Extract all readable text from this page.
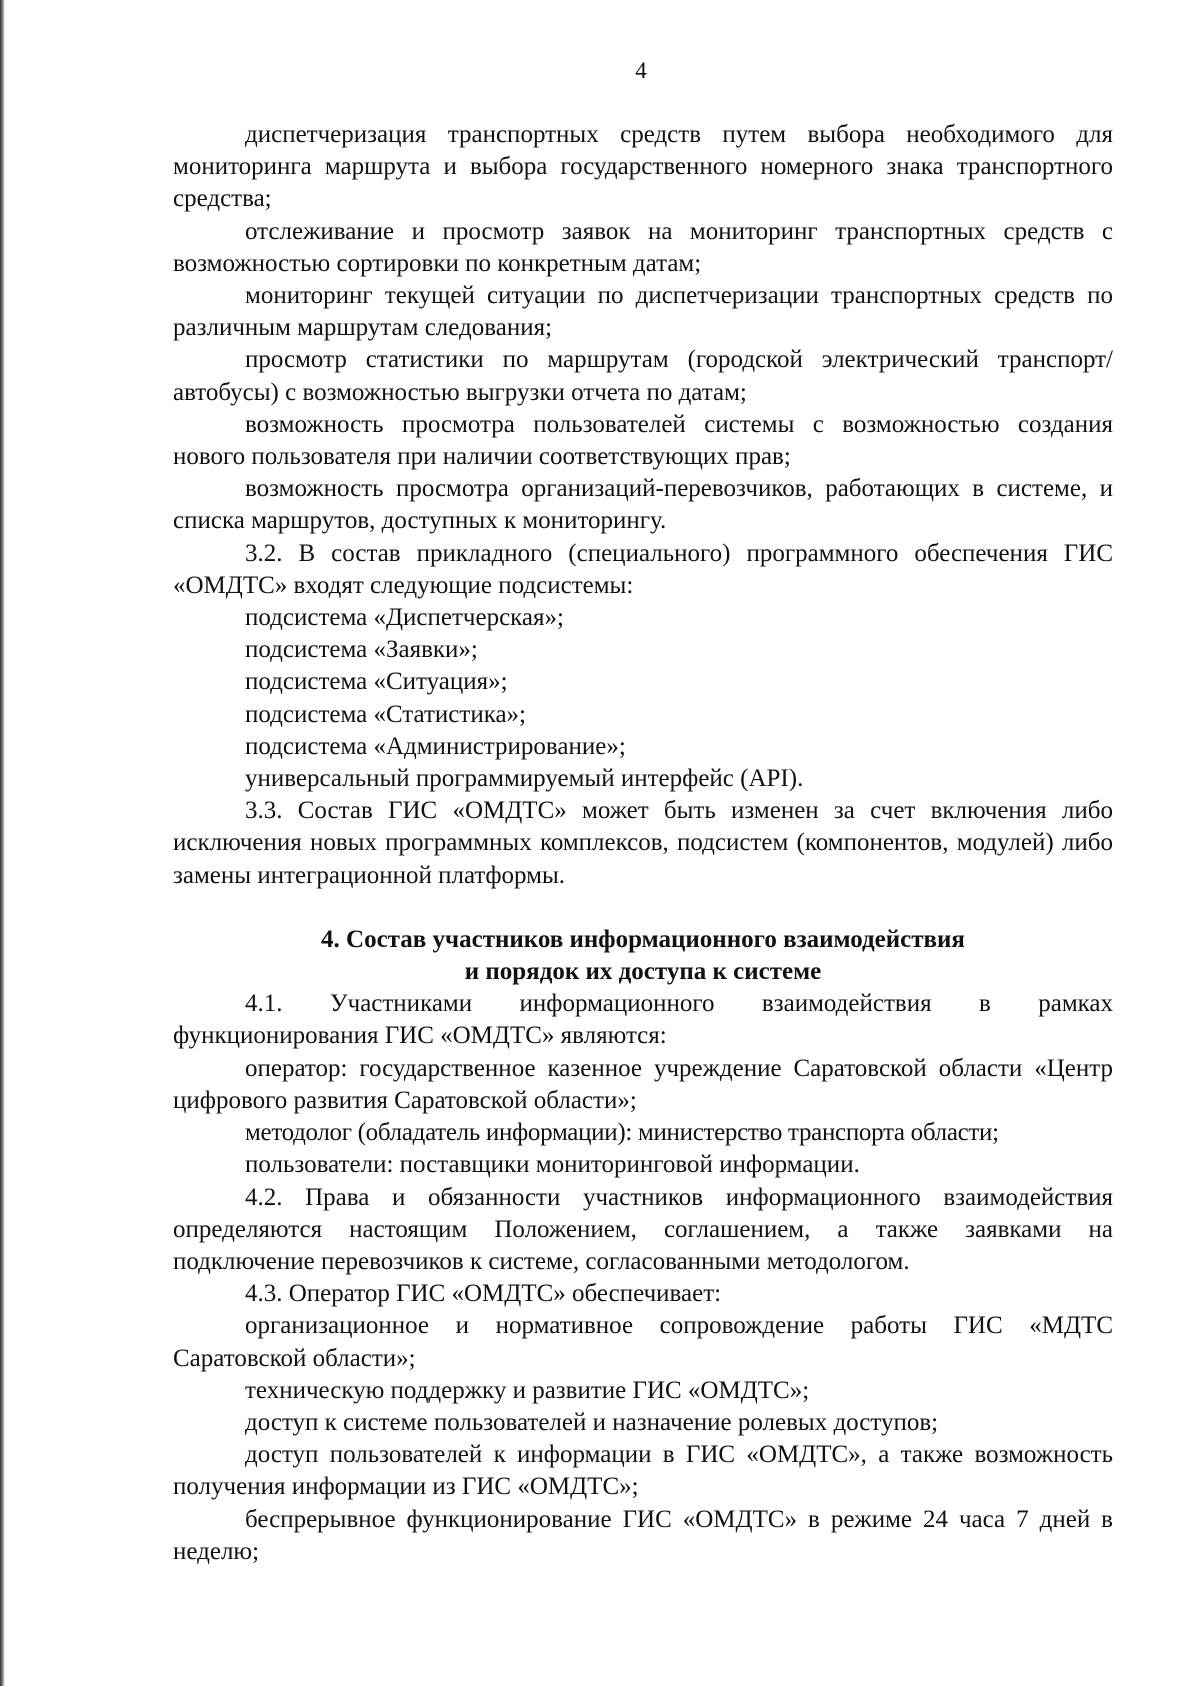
4

диспетчеризация транспортных средств путем выбора необходимого для мониторинга маршрута и выбора государственного номерного знака транспортного средства;

отслеживание и просмотр заявок на мониторинг транспортных средств с возможностью сортировки по конкретным датам;

мониторинг текущей ситуации по диспетчеризации транспортных средств по различным маршрутам следования;

просмотр статистики по маршрутам (городской электрический транспорт/автобусы) с возможностью выгрузки отчета по датам;

возможность просмотра пользователей системы с возможностью создания нового пользователя при наличии соответствующих прав;

возможность просмотра организаций-перевозчиков, работающих в системе, и списка маршрутов, доступных к мониторингу.

3.2. В состав прикладного (специального) программного обеспечения ГИС «ОМДТС» входят следующие подсистемы:

подсистема «Диспетчерская»;

подсистема «Заявки»;

подсистема «Ситуация»;

подсистема «Статистика»;

подсистема «Администрирование»;

универсальный программируемый интерфейс (API).

3.3. Состав ГИС «ОМДТС» может быть изменен за счет включения либо исключения новых программных комплексов, подсистем (компонентов, модулей) либо замены интеграционной платформы.

4. Состав участников информационного взаимодействия
и порядок их доступа к системе

4.1. Участниками информационного взаимодействия в рамках функционирования ГИС «ОМДТС» являются:

оператор: государственное казенное учреждение Саратовской области «Центр цифрового развития Саратовской области»;

методолог (обладатель информации): министерство транспорта области;

пользователи: поставщики мониторинговой информации.

4.2. Права и обязанности участников информационного взаимодействия определяются настоящим Положением, соглашением, а также заявками на подключение перевозчиков к системе, согласованными методологом.

4.3. Оператор ГИС «ОМДТС» обеспечивает:

организационное и нормативное сопровождение работы ГИС «МДТС Саратовской области»;

техническую поддержку и развитие ГИС «ОМДТС»;

доступ к системе пользователей и назначение ролевых доступов;

доступ пользователей к информации в ГИС «ОМДТС», а также возможность получения информации из ГИС «ОМДТС»;

беспрерывное функционирование ГИС «ОМДТС» в режиме 24 часа 7 дней в неделю;
